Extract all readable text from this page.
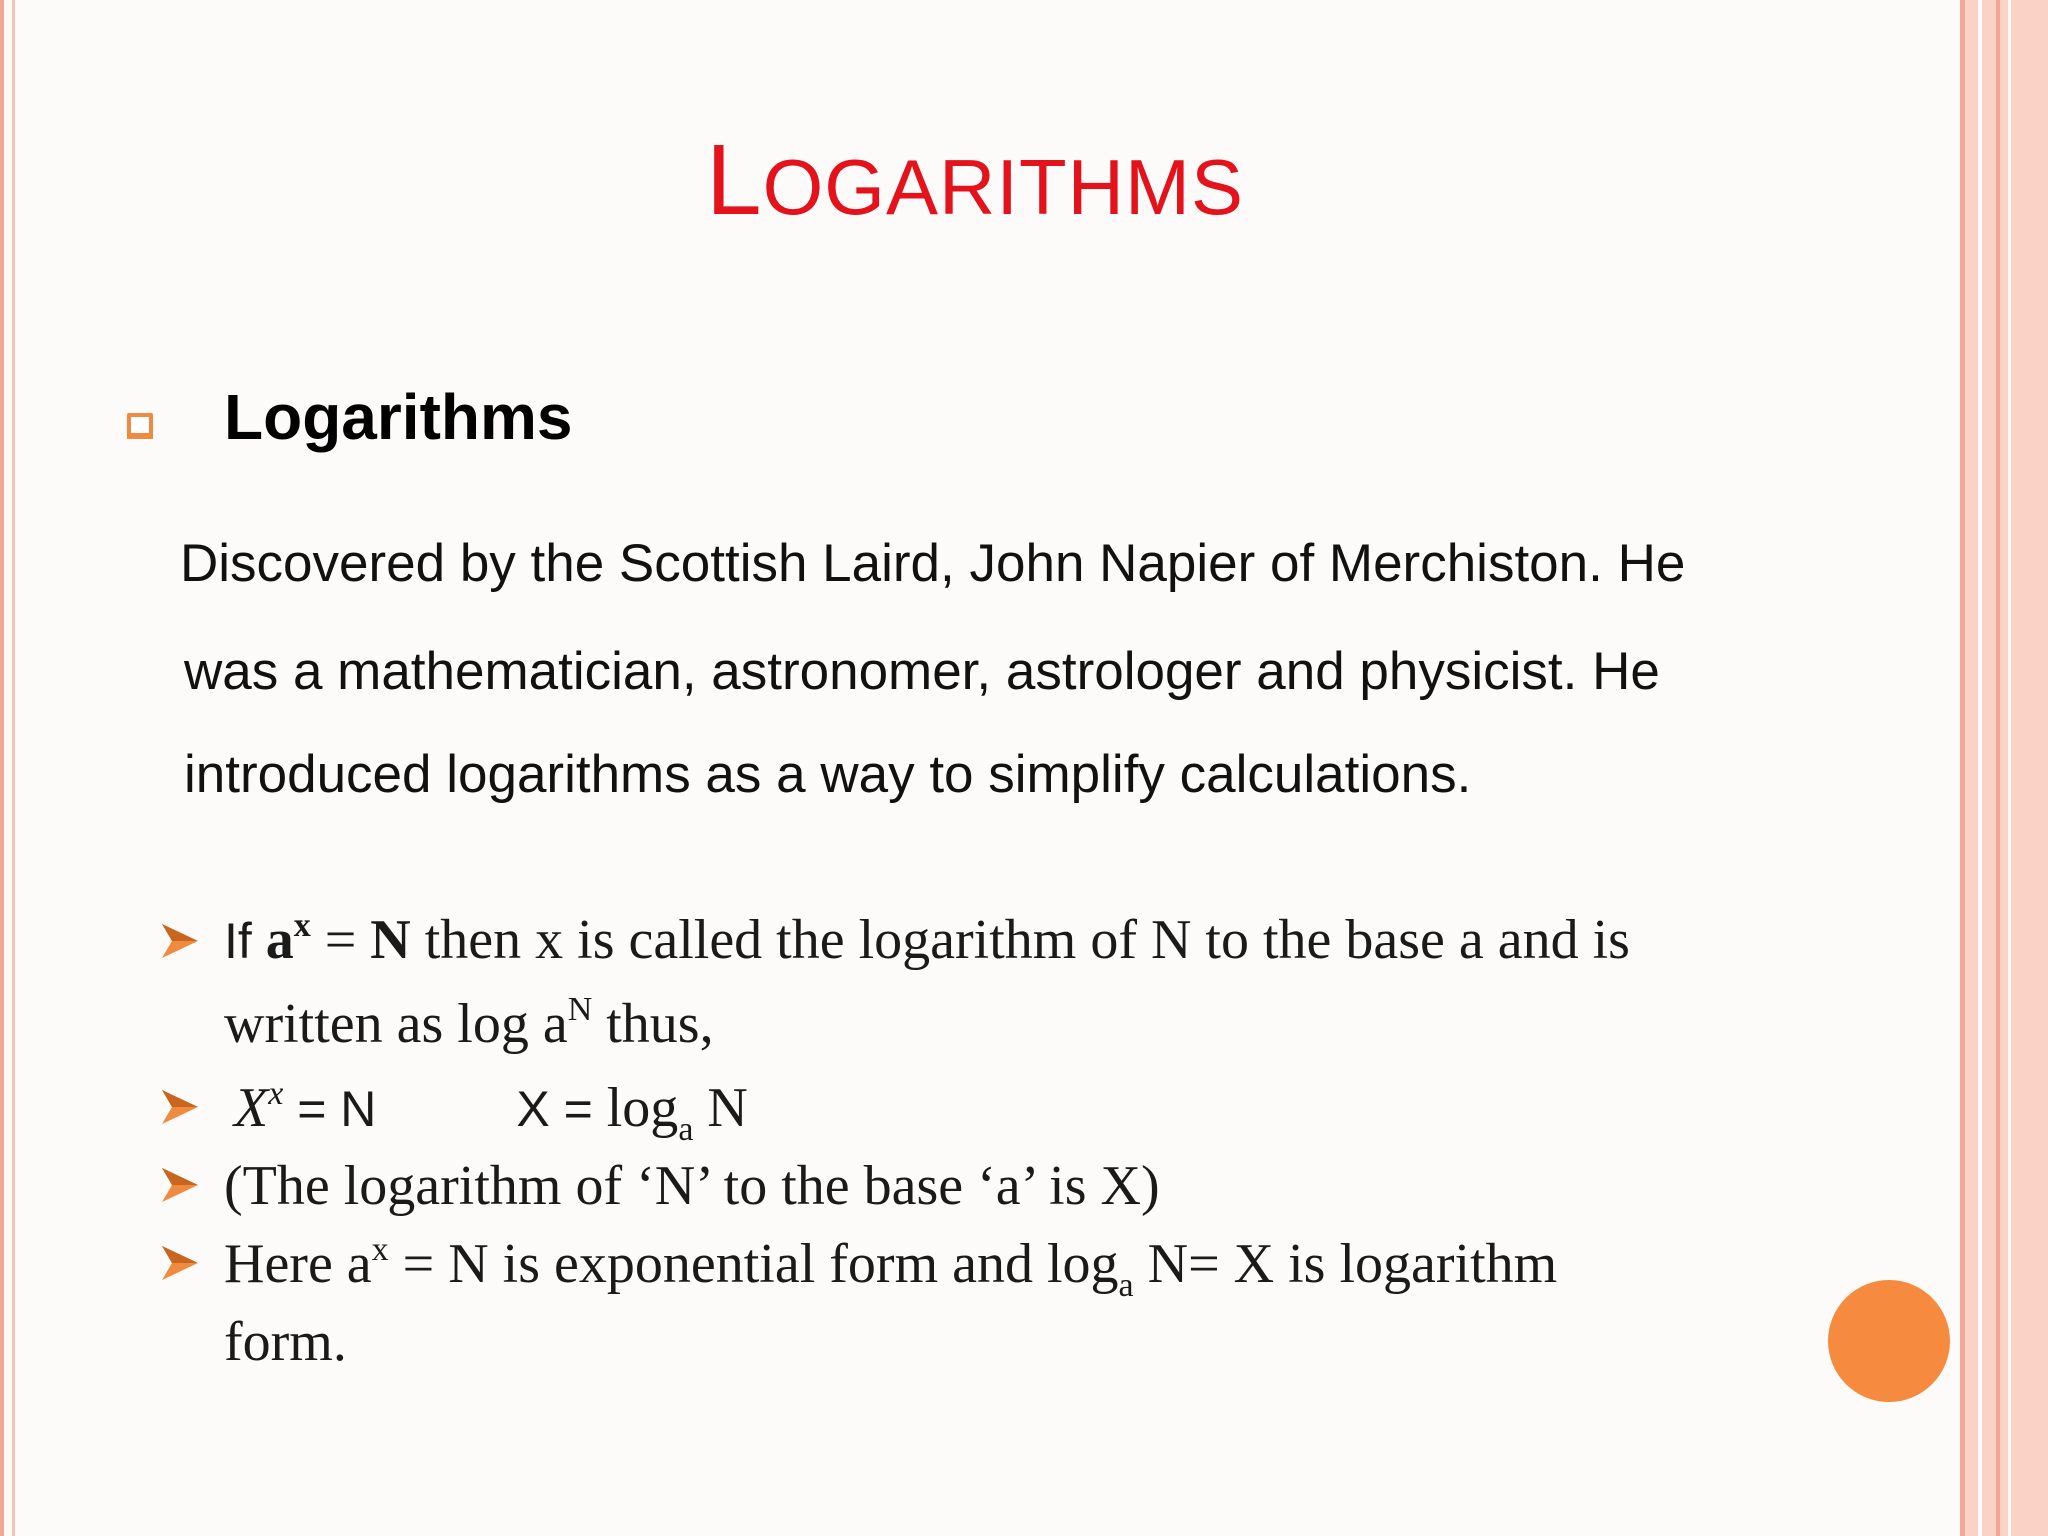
LOGARITHMS
Logarithms
Discovered by the Scottish Laird, John Napier of Merchiston. He
was a mathematician, astronomer, astrologer and physicist. He
introduced logarithms as a way to simplify calculations.
If $a^x = N$ then x is called the logarithm of N to the base a and is
written as $\log a^N$ thus,
$X^x = N$	$X = \log_a N$
(The logarithm of ‘N’ to the base ‘a’ is X)
Here $a^x = N$ is exponential form and $\log_a N= X$ is logarithm
form.
